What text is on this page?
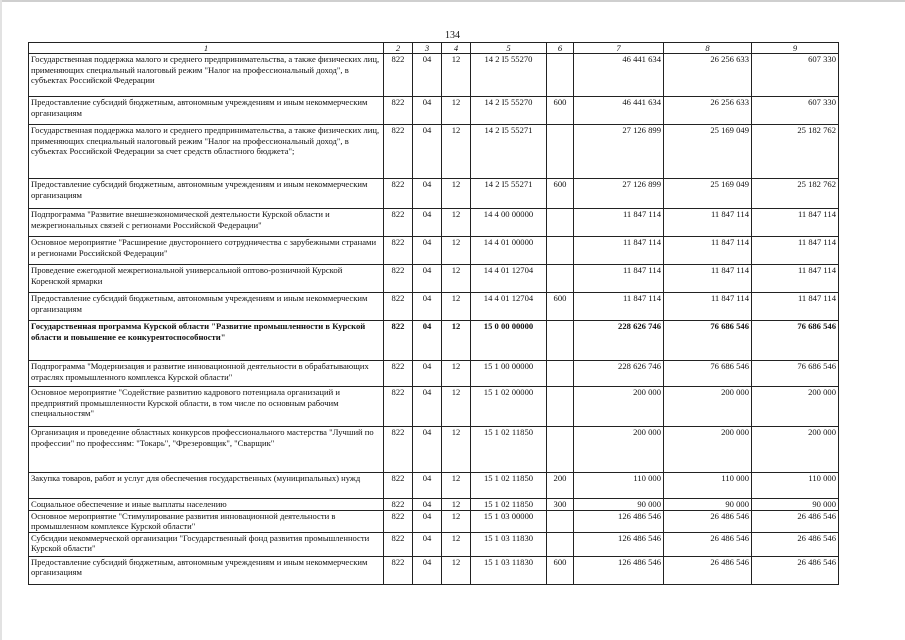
134
1	2	3	4	5	6	7	8	9
Государственная поддержка малого и среднего предпринимательства, а также физических лиц, применяющих специальный налоговый режим "Налог на профессиональный доход", в субъектах Российской Федерации	822	04	12	14 2 I5 55270		46 441 634	26 256 633	607 330
Предоставление субсидий бюджетным, автономным учреждениям и иным некоммерческим организациям	822	04	12	14 2 I5 55270	600	46 441 634	26 256 633	607 330
Государственная поддержка малого и среднего предпринимательства, а также физических лиц, применяющих специальный налоговый режим "Налог на профессиональный доход", в субъектах Российской Федерации за счет средств областного бюджета";	822	04	12	14 2 I5 55271		27 126 899	25 169 049	25 182 762
Предоставление субсидий бюджетным, автономным учреждениям и иным некоммерческим организациям	822	04	12	14 2 I5 55271	600	27 126 899	25 169 049	25 182 762
Подпрограмма "Развитие внешнеэкономической деятельности Курской области и межрегиональных связей с регионами Российской Федерации"	822	04	12	14 4 00 00000		11 847 114	11 847 114	11 847 114
Основное мероприятие "Расширение двустороннего сотрудничества с зарубежными странами и регионами Российской Федерации"	822	04	12	14 4 01 00000		11 847 114	11 847 114	11 847 114
Проведение ежегодной межрегиональной универсальной оптово-розничной Курской Коренской ярмарки	822	04	12	14 4 01 12704		11 847 114	11 847 114	11 847 114
Предоставление субсидий бюджетным, автономным учреждениям и иным некоммерческим организациям	822	04	12	14 4 01 12704	600	11 847 114	11 847 114	11 847 114
Государственная программа Курской области "Развитие промышленности в Курской области и повышение ее конкурентоспособности"	822	04	12	15 0 00 00000		228 626 746	76 686 546	76 686 546
Подпрограмма "Модернизация и развитие инновационной деятельности в обрабатывающих отраслях промышленного комплекса Курской области"	822	04	12	15 1 00 00000		228 626 746	76 686 546	76 686 546
Основное мероприятие "Содействие развитию кадрового потенциала организаций и предприятий промышленности Курской области, в том числе по основным рабочим специальностям"	822	04	12	15 1 02 00000		200 000	200 000	200 000
Организация и проведение областных конкурсов профессионального мастерства "Лучший по профессии" по профессиям: "Токарь", "Фрезеровщик", "Сварщик"	822	04	12	15 1 02 11850		200 000	200 000	200 000
Закупка товаров, работ и услуг для обеспечения государственных (муниципальных) нужд	822	04	12	15 1 02 11850	200	110 000	110 000	110 000
Социальное обеспечение и иные выплаты населению	822	04	12	15 1 02 11850	300	90 000	90 000	90 000
Основное мероприятие "Стимулирование развития инновационной деятельности в промышленном комплексе Курской области"	822	04	12	15 1 03 00000		126 486 546	26 486 546	26 486 546
Субсидии некоммерческой организации "Государственный фонд развития промышленности Курской области"	822	04	12	15 1 03 11830		126 486 546	26 486 546	26 486 546
Предоставление субсидий бюджетным, автономным учреждениям и иным некоммерческим организациям	822	04	12	15 1 03 11830	600	126 486 546	26 486 546	26 486 546
